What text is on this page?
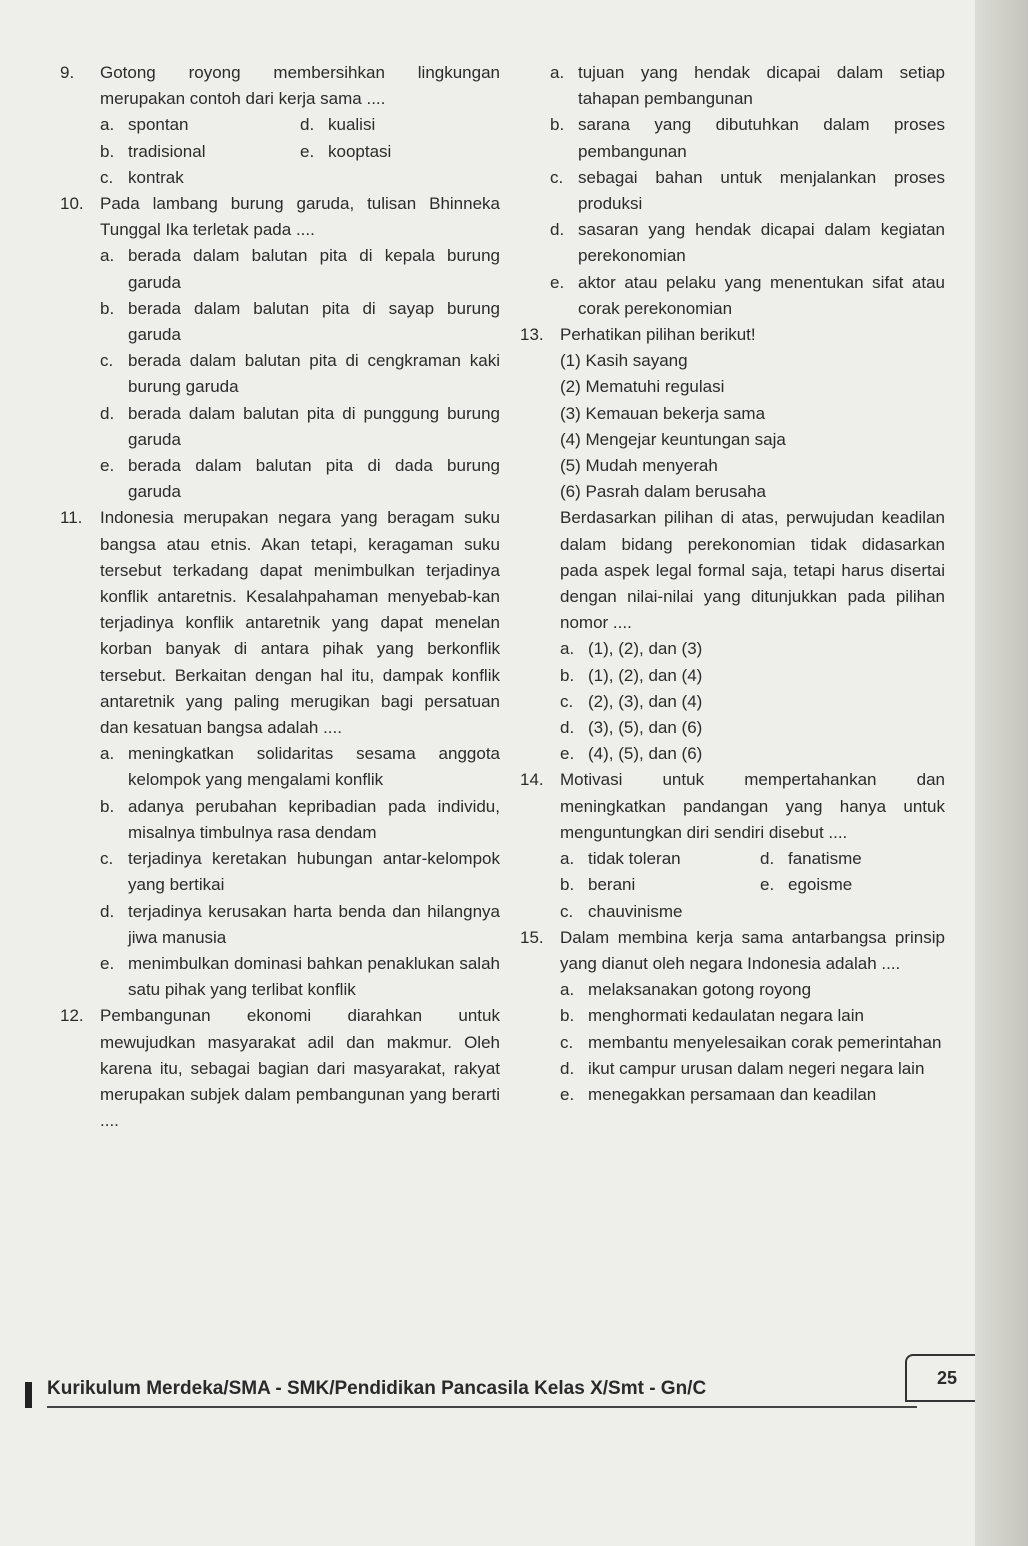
9.	Gotong royong membersihkan lingkungan merupakan contoh dari kerja sama ....
a. spontan	d. kualisi
b. tradisional	e. kooptasi
c. kontrak
10. Pada lambang burung garuda, tulisan Bhinneka Tunggal Ika terletak pada ....
a. berada dalam balutan pita di kepala burung garuda
b. berada dalam balutan pita di sayap burung garuda
c. berada dalam balutan pita di cengkraman kaki burung garuda
d. berada dalam balutan pita di punggung burung garuda
e. berada dalam balutan pita di dada burung garuda
11.	Indonesia merupakan negara yang beragam suku bangsa atau etnis. Akan tetapi, keragaman suku tersebut terkadang dapat menimbulkan terjadinya konflik antaretnis. Kesalahpahaman menyebab-kan terjadinya konflik antaretnik yang dapat menelan korban banyak di antara pihak yang berkonflik tersebut. Berkaitan dengan hal itu, dampak konflik antaretnik yang paling merugikan bagi persatuan dan kesatuan bangsa adalah ....
a. meningkatkan solidaritas sesama anggota kelompok yang mengalami konflik
b. adanya perubahan kepribadian pada individu, misalnya timbulnya rasa dendam
c. terjadinya keretakan hubungan antar-kelompok yang bertikai
d. terjadinya kerusakan harta benda dan hilangnya jiwa manusia
e. menimbulkan dominasi bahkan penaklukan salah satu pihak yang terlibat konflik
12. Pembangunan ekonomi diarahkan untuk mewujudkan masyarakat adil dan makmur. Oleh karena itu, sebagai bagian dari masyarakat, rakyat merupakan subjek dalam pembangunan yang berarti ....
a. tujuan yang hendak dicapai dalam setiap tahapan pembangunan
b. sarana yang dibutuhkan dalam proses pembangunan
c. sebagai bahan untuk menjalankan proses produksi
d. sasaran yang hendak dicapai dalam kegiatan perekonomian
e. aktor atau pelaku yang menentukan sifat atau corak perekonomian
13. Perhatikan pilihan berikut!
(1) Kasih sayang
(2) Mematuhi regulasi
(3) Kemauan bekerja sama
(4) Mengejar keuntungan saja
(5) Mudah menyerah
(6) Pasrah dalam berusaha
Berdasarkan pilihan di atas, perwujudan keadilan dalam bidang perekonomian tidak didasarkan pada aspek legal formal saja, tetapi harus disertai dengan nilai-nilai yang ditunjukkan pada pilihan nomor ....
a. (1), (2), dan (3)
b. (1), (2), dan (4)
c. (2), (3), dan (4)
d. (3), (5), dan (6)
e. (4), (5), dan (6)
14. Motivasi untuk mempertahankan dan meningkatkan pandangan yang hanya untuk menguntungkan diri sendiri disebut ....
a. tidak toleran	d. fanatisme
b. berani	e. egoisme
c. chauvinisme
15. Dalam membina kerja sama antarbangsa prinsip yang dianut oleh negara Indonesia adalah ....
a. melaksanakan gotong royong
b. menghormati kedaulatan negara lain
c. membantu menyelesaikan corak pemerintahan
d. ikut campur urusan dalam negeri negara lain
e. menegakkan persamaan dan keadilan
Kurikulum Merdeka/SMA - SMK/Pendidikan Pancasila Kelas X/Smt - Gn/C	25
